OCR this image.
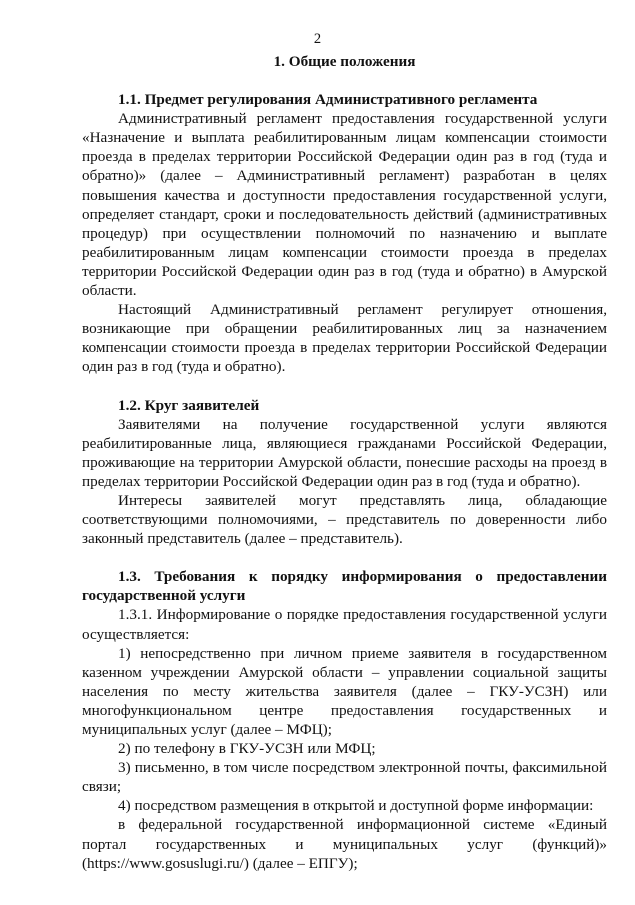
2
1. Общие положения
1.1. Предмет регулирования Административного регламента

Административный регламент предоставления государственной услуги «Назначение и выплата реабилитированным лицам компенсации стоимости проезда в пределах территории Российской Федерации один раз в год (туда и обратно)» (далее – Административный регламент) разработан в целях повышения качества и доступности предоставления государственной услуги, определяет стандарт, сроки и последовательность действий (административных процедур) при осуществлении полномочий по назначению и выплате реабилитированным лицам компенсации стоимости проезда в пределах территории Российской Федерации один раз в год (туда и обратно) в Амурской области.

Настоящий Административный регламент регулирует отношения, возникающие при обращении реабилитированных лиц за назначением компенсации стоимости проезда в пределах территории Российской Федерации один раз в год (туда и обратно).

1.2. Круг заявителей

Заявителями на получение государственной услуги являются реабилитированные лица, являющиеся гражданами Российской Федерации, проживающие на территории Амурской области, понесшие расходы на проезд в пределах территории Российской Федерации один раз в год (туда и обратно).

Интересы заявителей могут представлять лица, обладающие соответствующими полномочиями, – представитель по доверенности либо законный представитель (далее – представитель).

1.3. Требования к порядку информирования о предоставлении государственной услуги

1.3.1. Информирование о порядке предоставления государственной услуги осуществляется:

1) непосредственно при личном приеме заявителя в государственном казенном учреждении Амурской области – управлении социальной защиты населения по месту жительства заявителя (далее – ГКУ-УСЗН) или многофункциональном центре предоставления государственных и муниципальных услуг (далее – МФЦ);

2) по телефону в ГКУ-УСЗН или МФЦ;

3) письменно, в том числе посредством электронной почты, факсимильной связи;

4) посредством размещения в открытой и доступной форме информации:

в федеральной государственной информационной системе «Единый портал государственных и муниципальных услуг (функций)» (https://www.gosuslugi.ru/) (далее – ЕПГУ);
